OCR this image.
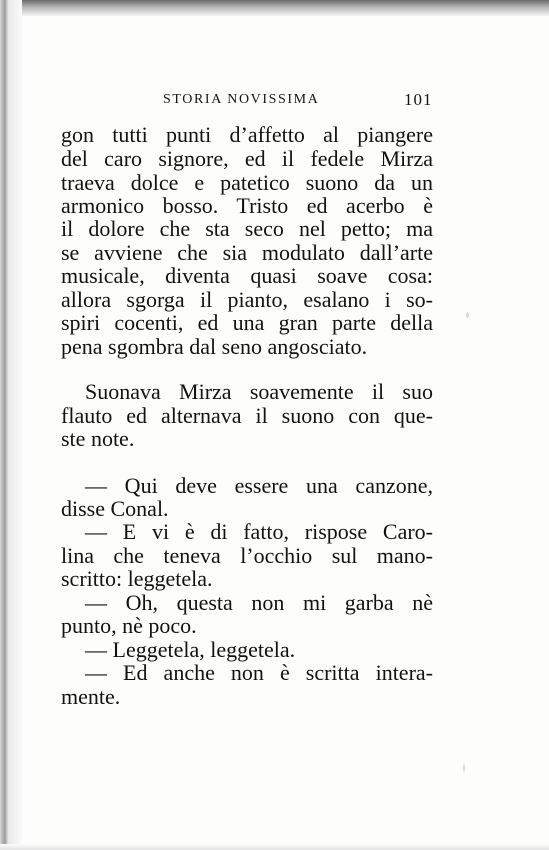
STORIA NOVISSIMA	101
gon tutti punti d’affetto al piangere
del caro signore, ed il fedele Mirza
traeva dolce e patetico suono da un
armonico bosso. Tristo ed acerbo è
il dolore che sta seco nel petto; ma
se avviene che sia modulato dall’arte
musicale, diventa quasi soave cosa:
allora sgorga il pianto, esalano i so-
spiri cocenti, ed una gran parte della
pena sgombra dal seno angosciato.
Suonava Mirza soavemente il suo
flauto ed alternava il suono con que-
ste note.
— Qui deve essere una canzone,
disse Conal.
— E vi è di fatto, rispose Caro-
lina che teneva l’occhio sul mano-
scritto: leggetela.
— Oh, questa non mi garba nè
punto, nè poco.
— Leggetela, leggetela.
— Ed anche non è scritta intera-
mente.
